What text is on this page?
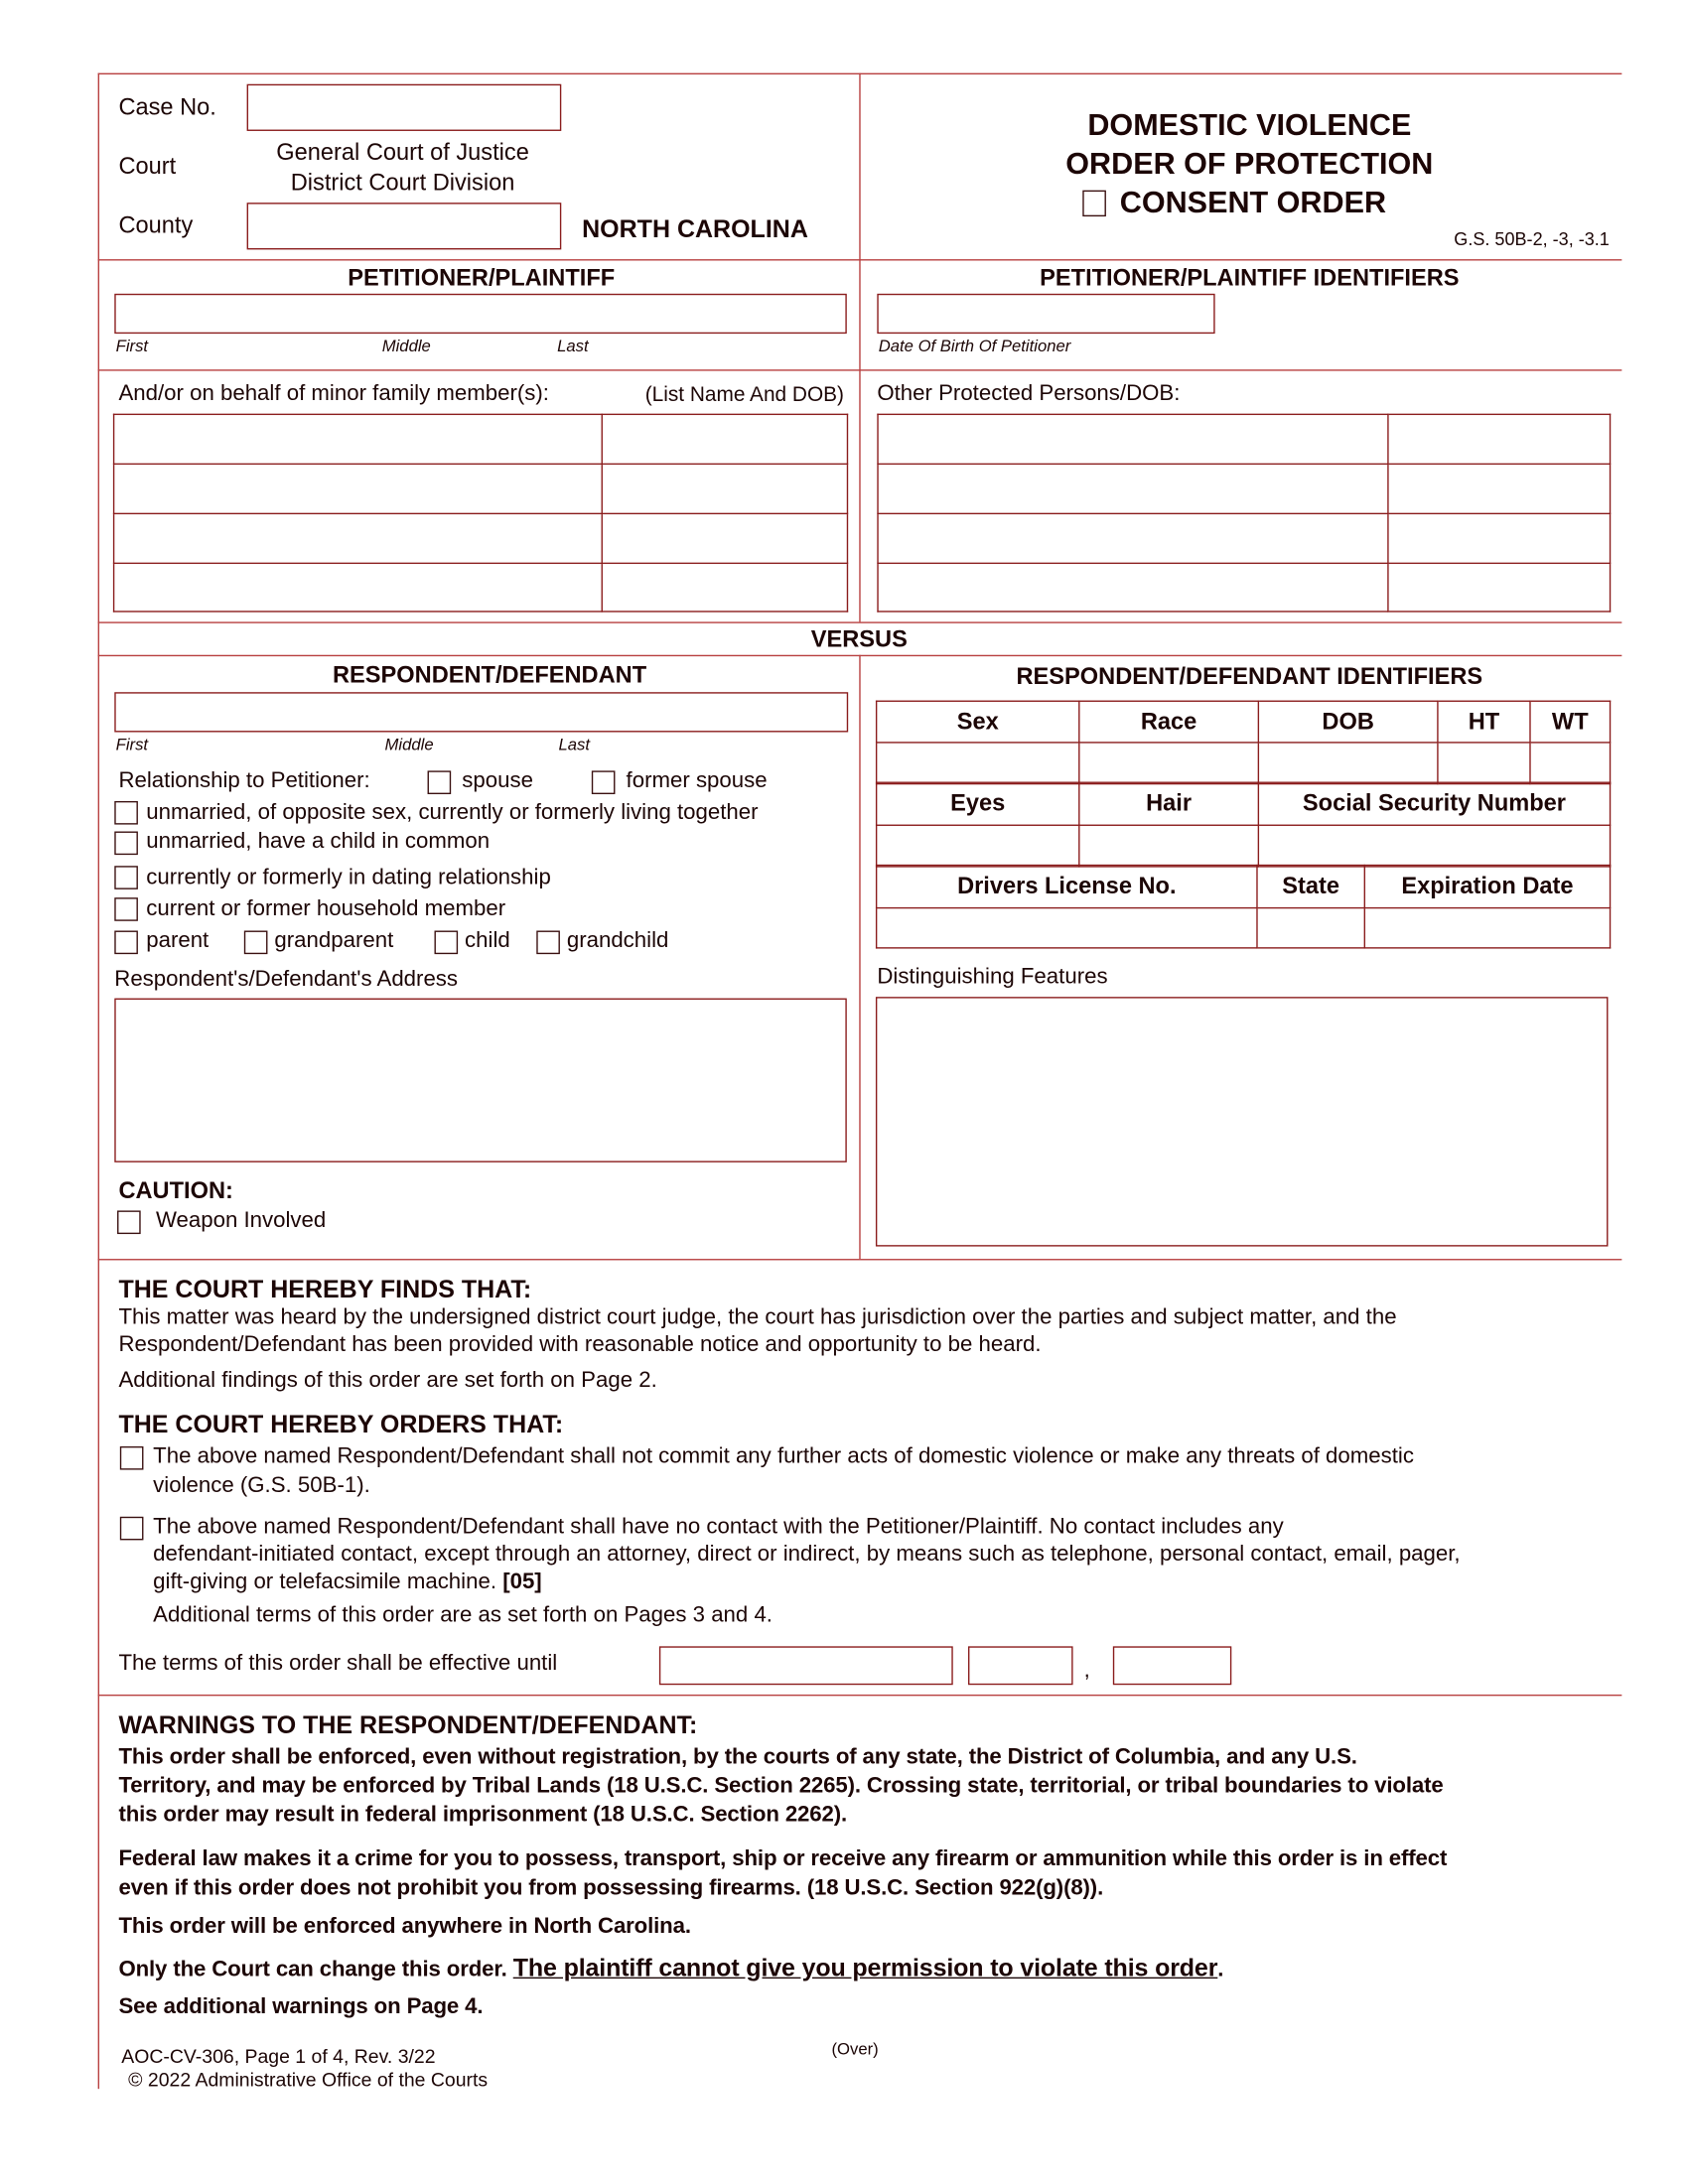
Case No.
Court
General Court of Justice
District Court Division
County	NORTH CAROLINA
DOMESTIC VIOLENCE
ORDER OF PROTECTION
CONSENT ORDER
G.S. 50B-2, -3, -3.1
PETITIONER/PLAINTIFF
First	Middle	Last
PETITIONER/PLAINTIFF IDENTIFIERS
Date Of Birth Of Petitioner
And/or on behalf of minor family member(s):	(List Name And DOB)

	Other Protected Persons/DOB:

VERSUS
RESPONDENT/DEFENDANT
First	Middle	Last
Relationship to Petitioner:	spouse	former spouse
unmarried, of opposite sex, currently or formerly living together
unmarried, have a child in common
currently or formerly in dating relationship
current or former household member
parent	grandparent	child	grandchild
Respondent's/Defendant's Address
CAUTION:
Weapon Involved
RESPONDENT/DEFENDANT IDENTIFIERS
Sex	Race	DOB	HT	WT

Eyes	Hair	Social Security Number

Drivers License No.	State	Expiration Date

Distinguishing Features
THE COURT HEREBY FINDS THAT:
This matter was heard by the undersigned district court judge, the court has jurisdiction over the parties and subject matter, and the
Respondent/Defendant has been provided with reasonable notice and opportunity to be heard.
Additional findings of this order are set forth on Page 2.
THE COURT HEREBY ORDERS THAT:
The above named Respondent/Defendant shall not commit any further acts of domestic violence or make any threats of domestic
violence (G.S. 50B-1).
The above named Respondent/Defendant shall have no contact with the Petitioner/Plaintiff. No contact includes any
defendant-initiated contact, except through an attorney, direct or indirect, by means such as telephone, personal contact, email, pager,
gift-giving or telefacsimile machine. [05]
Additional terms of this order are as set forth on Pages 3 and 4.
The terms of this order shall be effective until	,
WARNINGS TO THE RESPONDENT/DEFENDANT:
This order shall be enforced, even without registration, by the courts of any state, the District of Columbia, and any U.S.
Territory, and may be enforced by Tribal Lands (18 U.S.C. Section 2265). Crossing state, territorial, or tribal boundaries to violate
this order may result in federal imprisonment (18 U.S.C. Section 2262).
Federal law makes it a crime for you to possess, transport, ship or receive any firearm or ammunition while this order is in effect
even if this order does not prohibit you from possessing firearms. (18 U.S.C. Section 922(g)(8)).
This order will be enforced anywhere in North Carolina.
Only the Court can change this order. The plaintiff cannot give you permission to violate this order.
See additional warnings on Page 4.
AOC-CV-306, Page 1 of 4, Rev. 3/22	(Over)
© 2022 Administrative Office of the Courts
